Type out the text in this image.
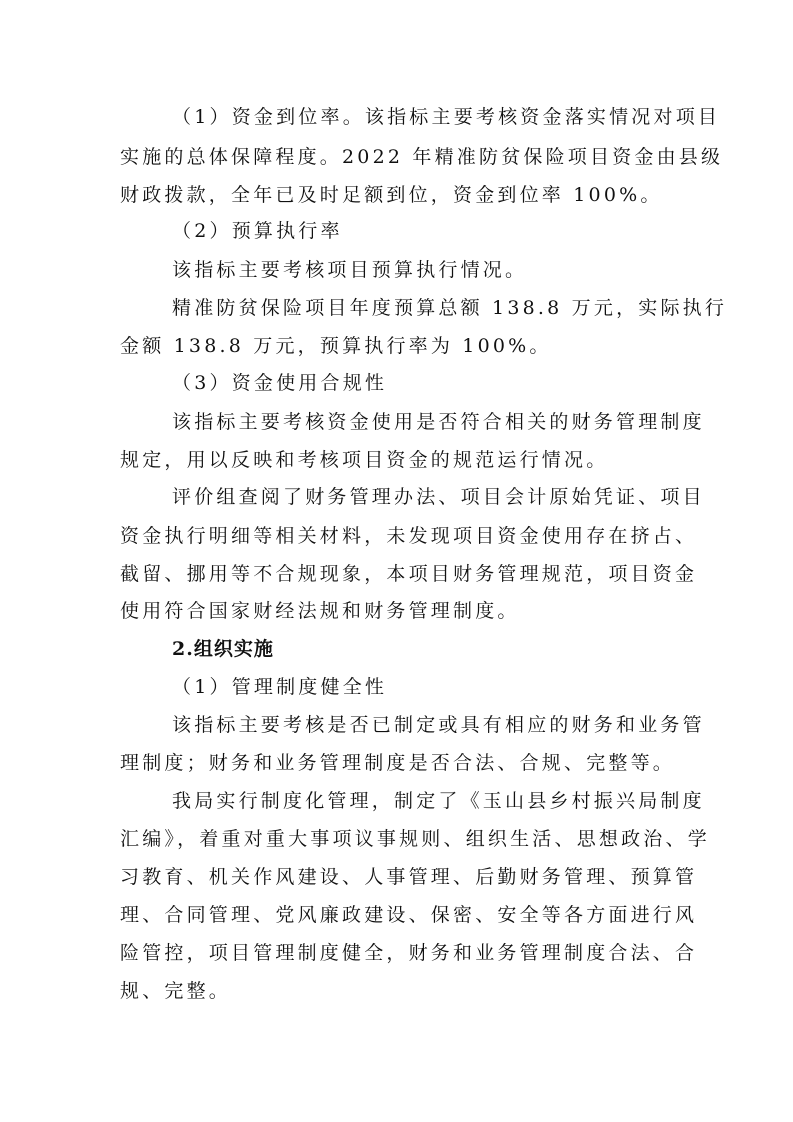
（1）资金到位率。该指标主要考核资金落实情况对项目

实施的总体保障程度。2022 年精准防贫保险项目资金由县级

财政拨款，全年已及时足额到位，资金到位率 100%。

（2）预算执行率

该指标主要考核项目预算执行情况。

精准防贫保险项目年度预算总额 138.8 万元，实际执行

金额 138.8 万元，预算执行率为 100%。

（3）资金使用合规性

该指标主要考核资金使用是否符合相关的财务管理制度

规定，用以反映和考核项目资金的规范运行情况。

评价组查阅了财务管理办法、项目会计原始凭证、项目

资金执行明细等相关材料，未发现项目资金使用存在挤占、

截留、挪用等不合规现象，本项目财务管理规范，项目资金

使用符合国家财经法规和财务管理制度。

2.组织实施

（1）管理制度健全性

该指标主要考核是否已制定或具有相应的财务和业务管

理制度；财务和业务管理制度是否合法、合规、完整等。

我局实行制度化管理，制定了《玉山县乡村振兴局制度

汇编》，着重对重大事项议事规则、组织生活、思想政治、学

习教育、机关作风建设、人事管理、后勤财务管理、预算管

理、合同管理、党风廉政建设、保密、安全等各方面进行风

险管控，项目管理制度健全，财务和业务管理制度合法、合

规、完整。
